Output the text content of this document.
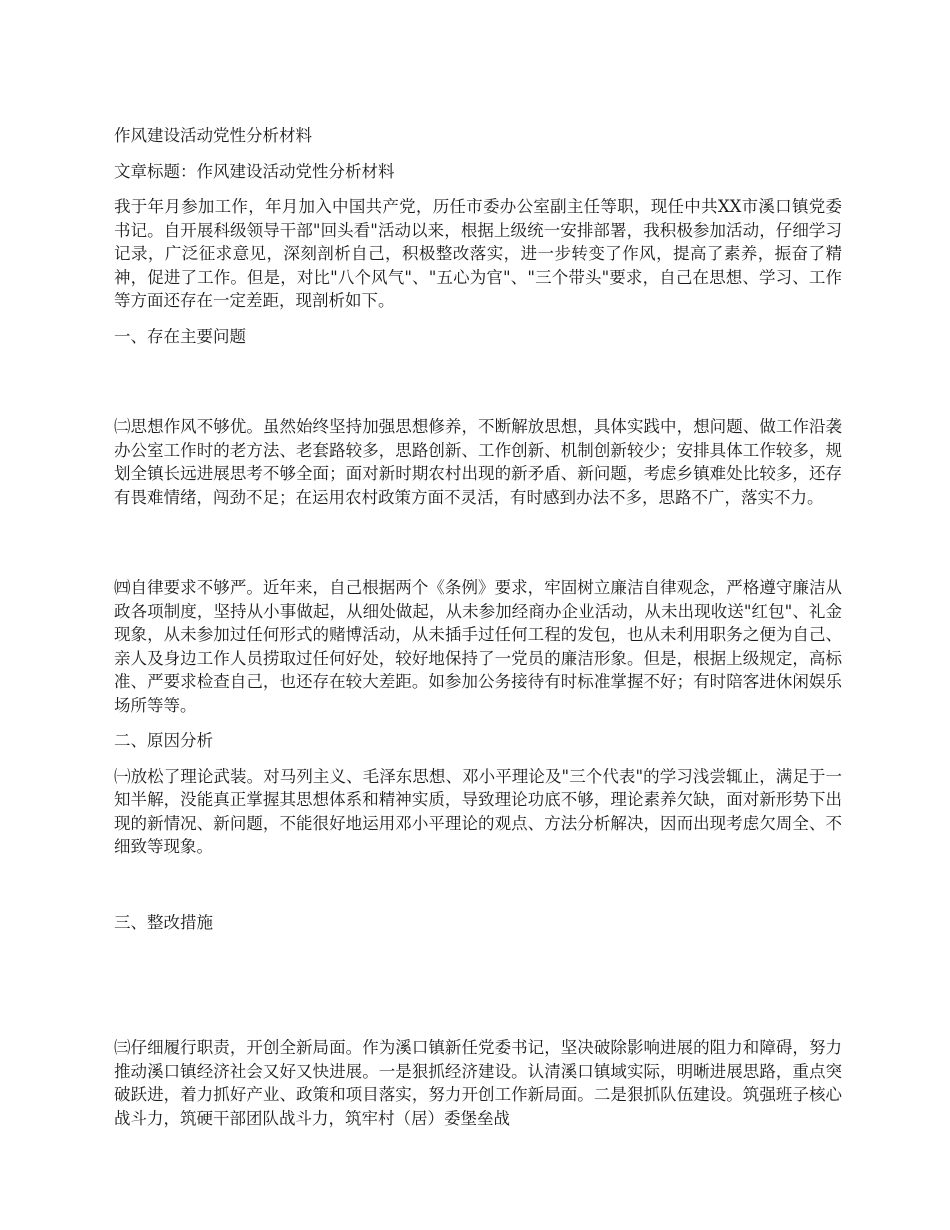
作风建设活动党性分析材料

文章标题：作风建设活动党性分析材料

我于年月参加工作，年月加入中国共产党，历任市委办公室副主任等职，现任中共XX市溪口镇党委书记。自开展科级领导干部"回头看"活动以来，根据上级统一安排部署，我积极参加活动，仔细学习记录，广泛征求意见，深刻剖析自己，积极整改落实，进一步转变了作风，提高了素养，振奋了精神，促进了工作。但是，对比"八个风气"、"五心为官"、"三个带头"要求，自己在思想、学习、工作等方面还存在一定差距，现剖析如下。

一、存在主要问题

㈡思想作风不够优。虽然始终坚持加强思想修养，不断解放思想，具体实践中，想问题、做工作沿袭办公室工作时的老方法、老套路较多，思路创新、工作创新、机制创新较少；安排具体工作较多，规划全镇长远进展思考不够全面；面对新时期农村出现的新矛盾、新问题，考虑乡镇难处比较多，还存有畏难情绪，闯劲不足；在运用农村政策方面不灵活，有时感到办法不多，思路不广，落实不力。

㈣自律要求不够严。近年来，自己根据两个《条例》要求，牢固树立廉洁自律观念，严格遵守廉洁从政各项制度，坚持从小事做起，从细处做起，从未参加经商办企业活动，从未出现收送"红包"、礼金现象，从未参加过任何形式的赌博活动，从未插手过任何工程的发包，也从未利用职务之便为自己、亲人及身边工作人员捞取过任何好处，较好地保持了一党员的廉洁形象。但是，根据上级规定，高标准、严要求检查自己，也还存在较大差距。如参加公务接待有时标准掌握不好；有时陪客进休闲娱乐场所等等。

二、原因分析

㈠放松了理论武装。对马列主义、毛泽东思想、邓小平理论及"三个代表"的学习浅尝辄止，满足于一知半解，没能真正掌握其思想体系和精神实质，导致理论功底不够，理论素养欠缺，面对新形势下出现的新情况、新问题，不能很好地运用邓小平理论的观点、方法分析解决，因而出现考虑欠周全、不细致等现象。

三、整改措施

㈢仔细履行职责，开创全新局面。作为溪口镇新任党委书记，坚决破除影响进展的阻力和障碍，努力推动溪口镇经济社会又好又快进展。一是狠抓经济建设。认清溪口镇域实际，明晰进展思路，重点突破跃进，着力抓好产业、政策和项目落实，努力开创工作新局面。二是狠抓队伍建设。筑强班子核心战斗力，筑硬干部团队战斗力，筑牢村（居）委堡垒战
